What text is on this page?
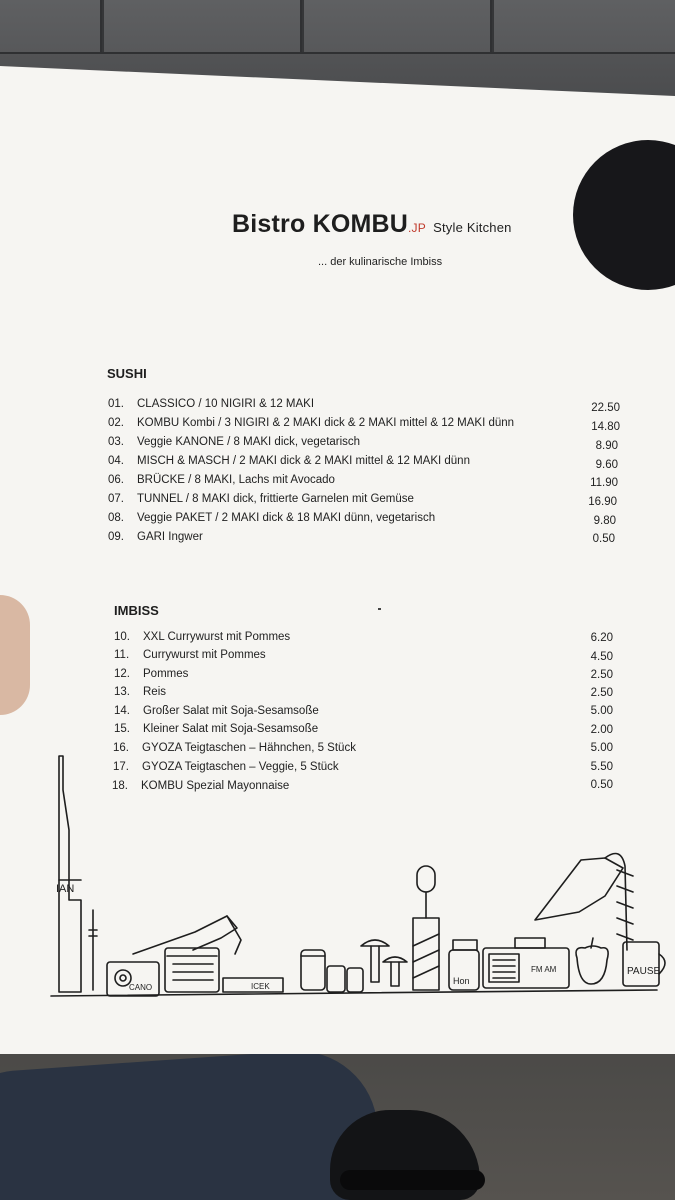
Bistro KOMBU.JP Style Kitchen
... der kulinarische Imbiss
SUSHI
01. CLASSICO / 10 NIGIRI & 12 MAKI	22.50
02. KOMBU Kombi / 3 NIGIRI & 2 MAKI dick & 2 MAKI mittel & 12 MAKI dünn	14.80
03. Veggie KANONE / 8 MAKI dick, vegetarisch	8.90
04. MISCH & MASCH / 2 MAKI dick & 2 MAKI mittel & 12 MAKI dünn	9.60
06. BRÜCKE / 8 MAKI, Lachs mit Avocado	11.90
07. TUNNEL / 8 MAKI dick, frittierte Garnelen mit Gemüse	16.90
08. Veggie PAKET / 2 MAKI dick & 18 MAKI dünn, vegetarisch	9.80
09. GARI Ingwer	0.50
IMBISS
10. XXL Currywurst mit Pommes	6.20
11. Currywurst mit Pommes	4.50
12. Pommes	2.50
13. Reis	2.50
14. Großer Salat mit Soja-Sesamsoße	5.00
15. Kleiner Salat mit Soja-Sesamsoße	2.00
16. GYOZA Teigtaschen – Hähnchen, 5 Stück	5.00
17. GYOZA Teigtaschen – Veggie, 5 Stück	5.50
18. KOMBU Spezial Mayonnaise	0.50
IAN
CANO	ICEK
Hon
FM AM	PAUSE
